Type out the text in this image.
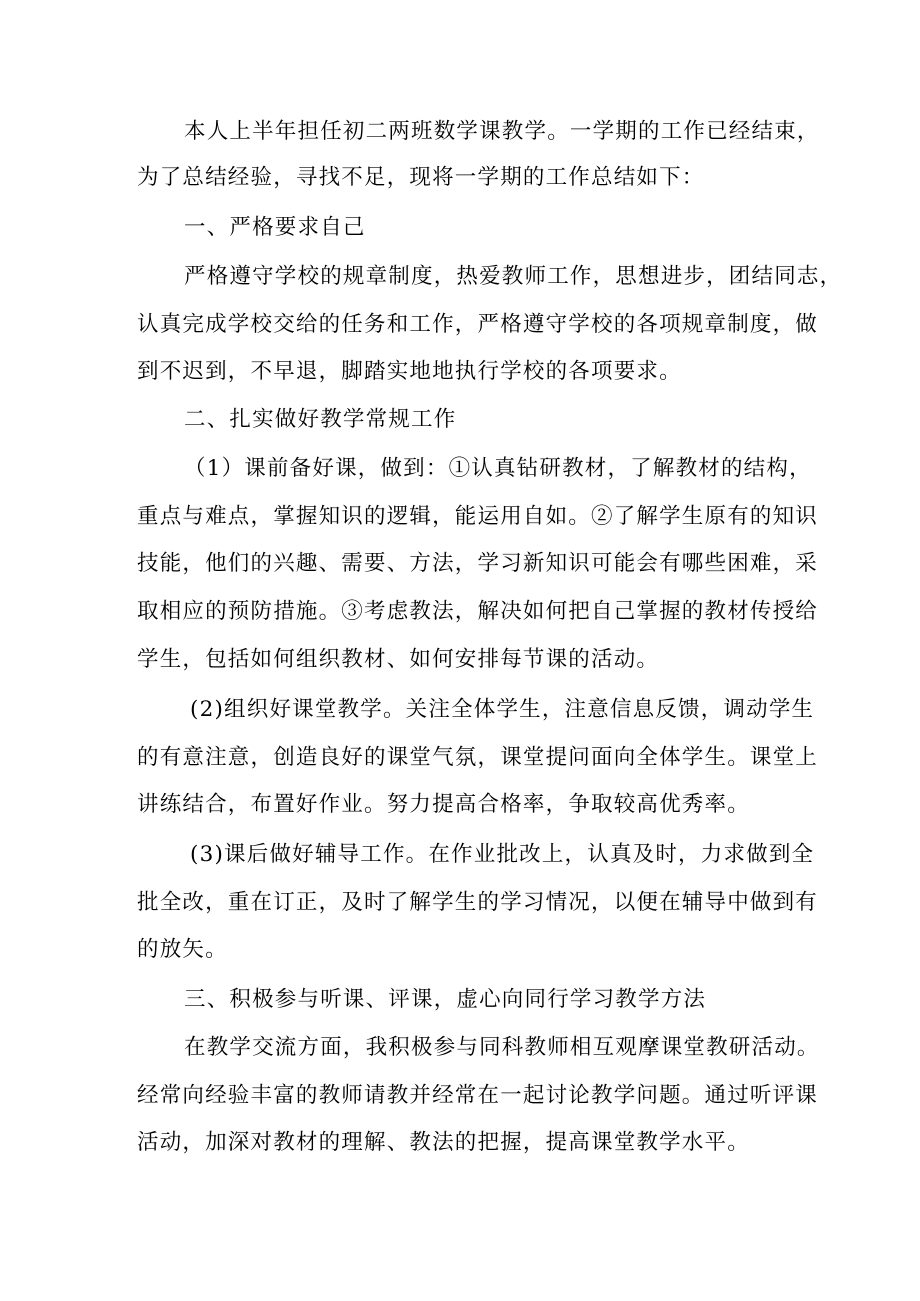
本人上半年担任初二两班数学课教学。一学期的工作已经结束，
为了总结经验，寻找不足，现将一学期的工作总结如下：
一、严格要求自己
严格遵守学校的规章制度，热爱教师工作，思想进步，团结同志，
认真完成学校交给的任务和工作，严格遵守学校的各项规章制度，做
到不迟到，不早退，脚踏实地地执行学校的各项要求。
二、扎实做好教学常规工作
（1）课前备好课，做到：①认真钻研教材，了解教材的结构，
重点与难点，掌握知识的逻辑，能运用自如。②了解学生原有的知识
技能，他们的兴趣、需要、方法，学习新知识可能会有哪些困难，采
取相应的预防措施。③考虑教法，解决如何把自己掌握的教材传授给
学生，包括如何组织教材、如何安排每节课的活动。
(2)组织好课堂教学。关注全体学生，注意信息反馈，调动学生
的有意注意，创造良好的课堂气氛，课堂提问面向全体学生。课堂上
讲练结合，布置好作业。努力提高合格率，争取较高优秀率。
(3)课后做好辅导工作。在作业批改上，认真及时，力求做到全
批全改，重在订正，及时了解学生的学习情况，以便在辅导中做到有
的放矢。
三、积极参与听课、评课，虚心向同行学习教学方法
在教学交流方面，我积极参与同科教师相互观摩课堂教研活动。
经常向经验丰富的教师请教并经常在一起讨论教学问题。通过听评课
活动，加深对教材的理解、教法的把握，提高课堂教学水平。
